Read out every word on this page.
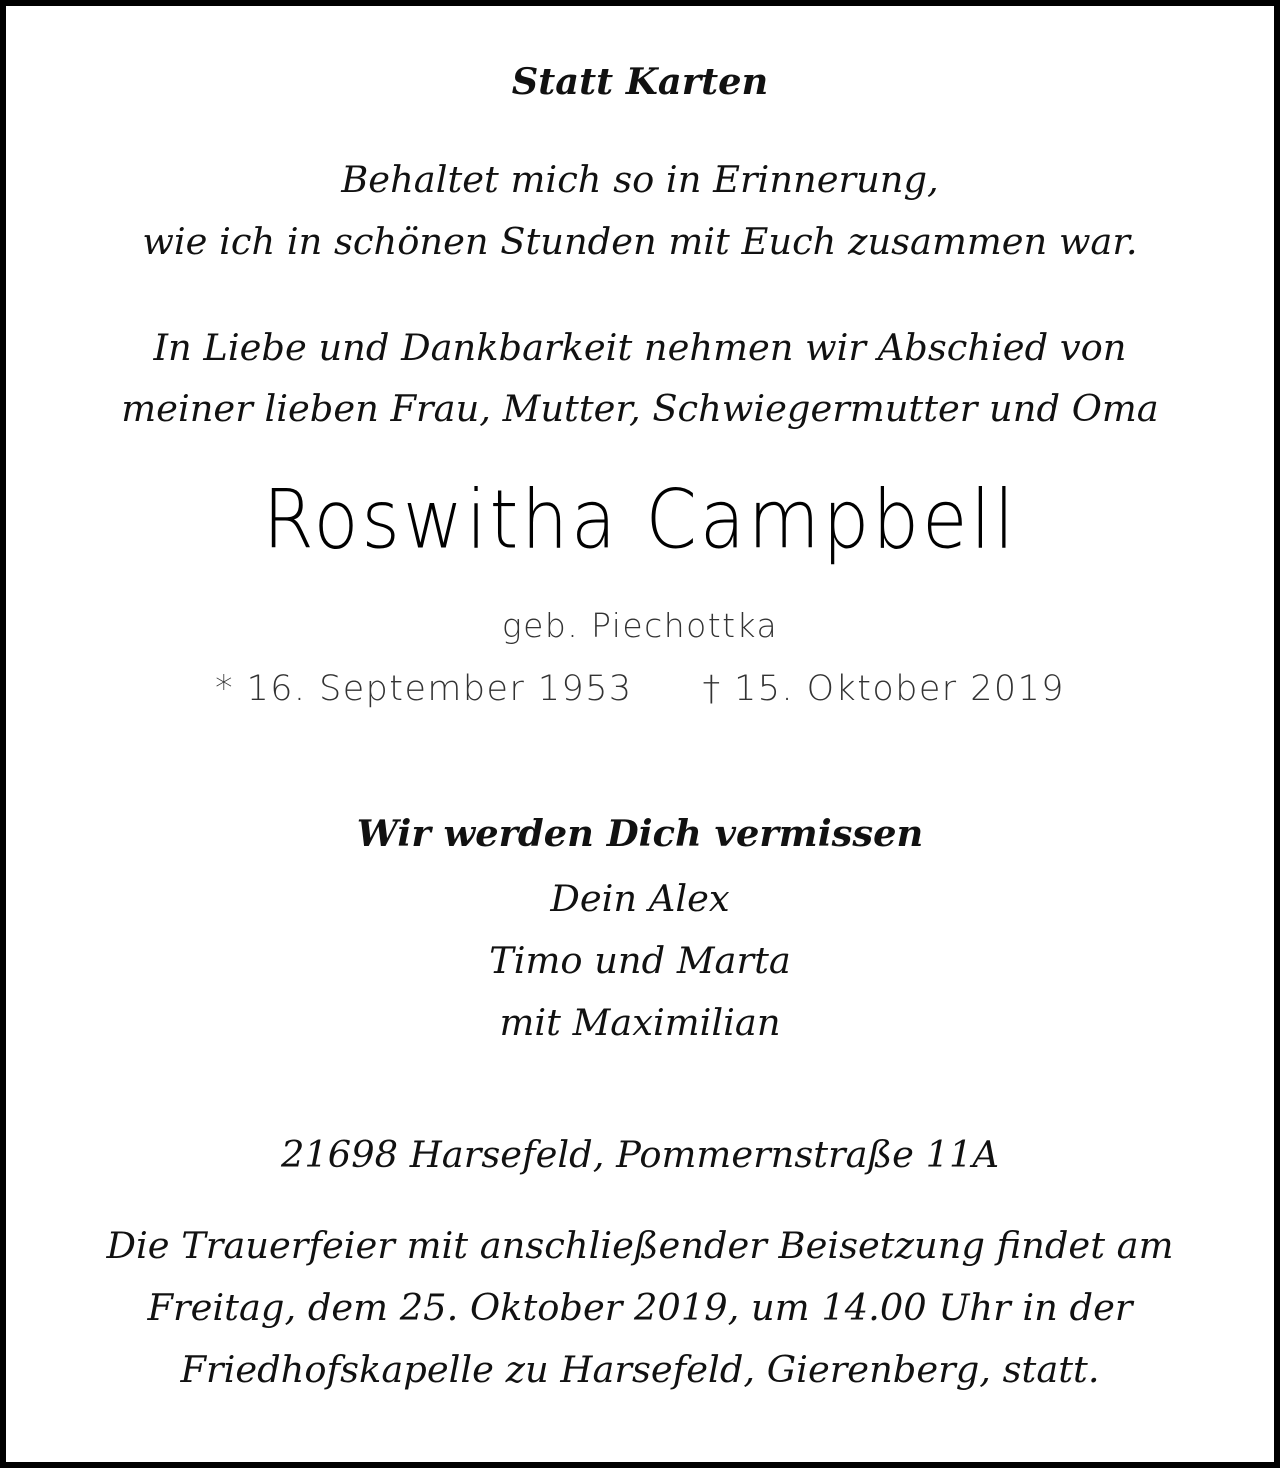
Statt Karten
Behaltet mich so in Erinnerung,
wie ich in schönen Stunden mit Euch zusammen war.
In Liebe und Dankbarkeit nehmen wir Abschied von
meiner lieben Frau, Mutter, Schwiegermutter und Oma
Roswitha Campbell
geb. Piechottka
* 16. September 1953 † 15. Oktober 2019
Wir werden Dich vermissen
Dein Alex
Timo und Marta
mit Maximilian
21698 Harsefeld, Pommernstraße 11A
Die Trauerfeier mit anschließender Beisetzung findet am
Freitag, dem 25. Oktober 2019, um 14.00 Uhr in der
Friedhofskapelle zu Harsefeld, Gierenberg, statt.
